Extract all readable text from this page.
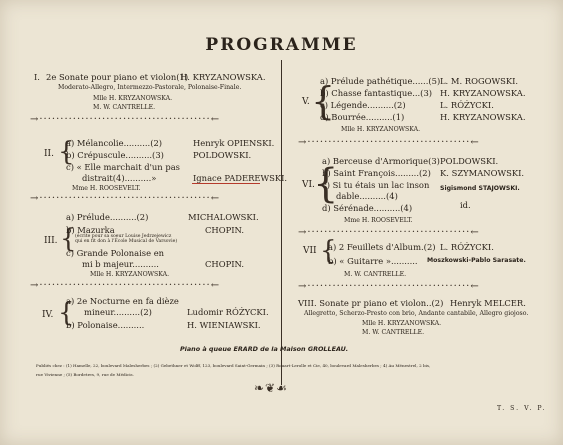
PROGRAMME
I. 2e Sonate pour piano et violon(1)
H. KRYZANOWSKA.
Moderato-Allegro, Intermezzo-Pastorale, Polonaise-Finale.
Mlle H. KRYZANOWSKA.
M. W. CANTRELLE.
→·········································←
II. {
a) Mélancolie..........(2)	Henryk OPIENSKI.
b) Crépuscule..........(3)	POLDOWSKI.
c) « Elle marchait d'un pas
distrait(4)..........»	Ignace PADEREWSKI.
Mme H. ROOSEVELT.
→·········································←
III. {
a) Prélude..........(2)	MICHALOWSKI.
b) Mazurka	CHOPIN.
(écrite pour sa soeur Louise Jedrzejewicz
qui en fit don à l'École Musical de Varsovie)
c) Grande Polonaise en
mi b majeur..........	CHOPIN.
Mlle H. KRYZANOWSKA.
→·········································←
IV. {
a) 2e Nocturne en fa dièze
mineur..........(2)	Ludomir RÓŻYCKI.
b) Polonaise..........	H. WIENIAWSKI.
V. {
a) Prélude pathétique......(5) L. M. ROGOWSKI.
b) Chasse fantastique...(3) H. KRYZANOWSKA.
c) Légende..........(2)	L. RÓŻYCKI.
d) Bourrée..........(1)	H. KRYZANOWSKA.
Mlle H. KRYZANOWSKA.
→·······································←
VI.
{
a) Berceuse d'Armorique(3) POLDOWSKI.
b) Saint François.........(2) K. SZYMANOWSKI.
c) Si tu étais un lac inson
dable..........(4)
Sigismond STAJOWSKI.
d) Sérénade..........(4)	id.
Mme H. ROOSEVELT.
→·······································←
VII {
a) 2 Feuillets d'Album.(2) L. RÓŻYCKI.
b) « Guitarre ».......... Moszkowski-Pablo Sarasate.
M. W. CANTRELLE.
→·······································←
VIII. Sonate pr piano et violon..(2) Henryk MELCER.
Allegretto, Scherzo-Presto con brio, Andante cantabile, Allegro giojoso.
Mlle H. KRYZANOWSKA.
M. W. CANTRELLE.
Piano à queue ERARD de la Maison GROLLEAU.
Publiés chez : (1) Hamelle, 22, boulevard Malesherbes ; (2) Gebethner et Wolff, 123, boulevard Saint-Germain ; (3) Rouart-Lerolle et Cie, 40, boulevard Malesherbes ; 4) Au Ménestrel, 2 bis,
rue Vivienne ; (5) Bordetres, 9, rue de Médicis.
❧❦☙
T. S. V. P.
